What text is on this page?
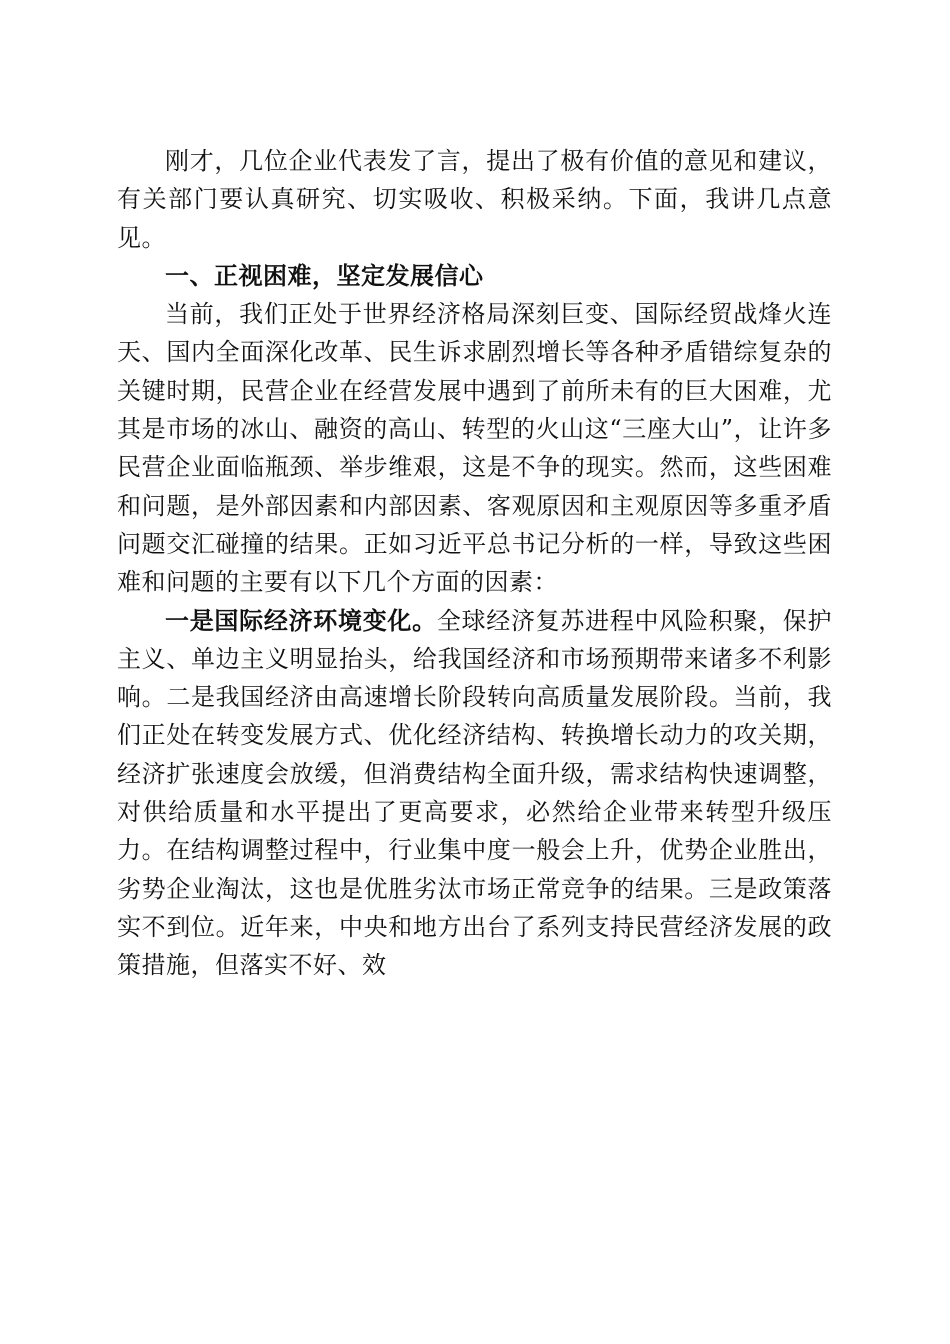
刚才，几位企业代表发了言，提出了极有价值的意见和建议，有关部门要认真研究、切实吸收、积极采纳。下面，我讲几点意见。

一、正视困难，坚定发展信心

当前，我们正处于世界经济格局深刻巨变、国际经贸战烽火连天、国内全面深化改革、民生诉求剧烈增长等各种矛盾错综复杂的关键时期，民营企业在经营发展中遇到了前所未有的巨大困难，尤其是市场的冰山、融资的高山、转型的火山这“三座大山”，让许多民营企业面临瓶颈、举步维艰，这是不争的现实。然而，这些困难和问题，是外部因素和内部因素、客观原因和主观原因等多重矛盾问题交汇碰撞的结果。正如习近平总书记分析的一样，导致这些困难和问题的主要有以下几个方面的因素：

一是国际经济环境变化。全球经济复苏进程中风险积聚，保护主义、单边主义明显抬头，给我国经济和市场预期带来诸多不利影响。二是我国经济由高速增长阶段转向高质量发展阶段。当前，我们正处在转变发展方式、优化经济结构、转换增长动力的攻关期，经济扩张速度会放缓，但消费结构全面升级，需求结构快速调整，对供给质量和水平提出了更高要求，必然给企业带来转型升级压力。在结构调整过程中，行业集中度一般会上升，优势企业胜出，劣势企业淘汰，这也是优胜劣汰市场正常竞争的结果。三是政策落实不到位。近年来，中央和地方出台了系列支持民营经济发展的政策措施，但落实不好、效
